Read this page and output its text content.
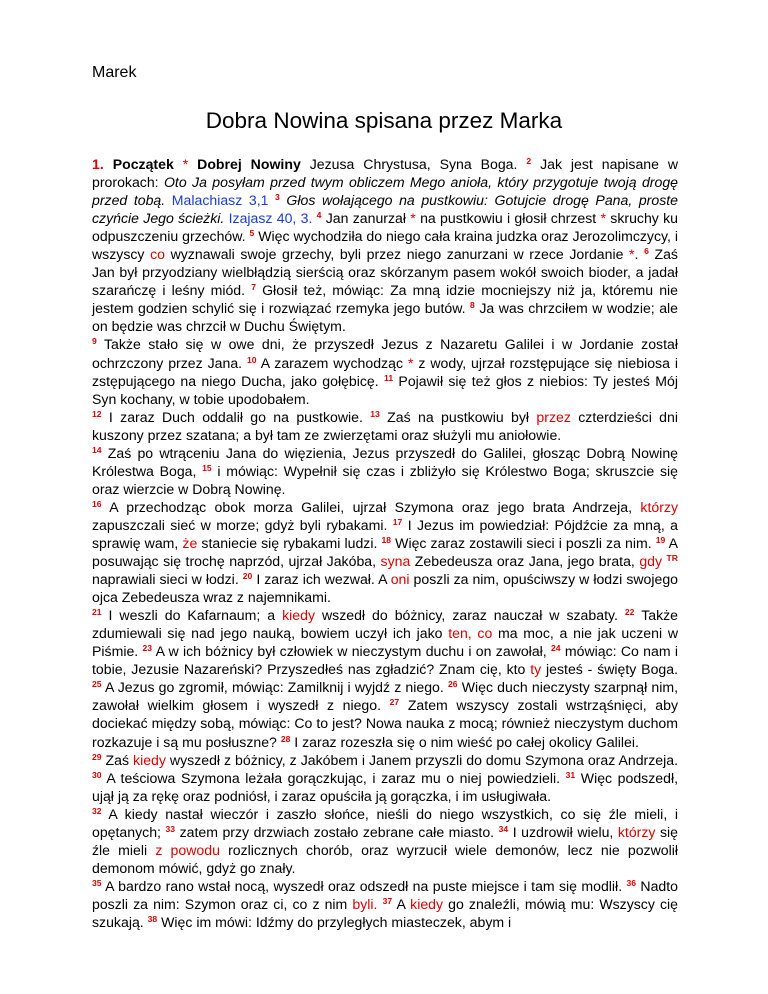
Marek
Dobra Nowina spisana przez Marka

1. Początek * Dobrej Nowiny Jezusa Chrystusa, Syna Boga. $^2$ Jak jest napisane w prorokach: Oto Ja posyłam przed twym obliczem Mego anioła, który przygotuje twoją drogę przed tobą. Malachiasz 3,1 $^3$ Głos wołającego na pustkowiu: Gotujcie drogę Pana, proste czyńcie Jego ścieżki. Izajasz 40, 3. $^4$ Jan zanurzał * na pustkowiu i głosił chrzest * skruchy ku odpuszczeniu grzechów. $^5$ Więc wychodziła do niego cała kraina judzka oraz Jerozolimczycy, i wszyscy co wyznawali swoje grzechy, byli przez niego zanurzani w rzece Jordanie *. $^6$ Zaś Jan był przyodziany wielbłądzią sierścią oraz skórzanym pasem wokół swoich bioder, a jadał szarańczę i leśny miód. $^7$ Głosił też, mówiąc: Za mną idzie mocniejszy niż ja, któremu nie jestem godzien schylić się i rozwiązać rzemyka jego butów. $^8$ Ja was chrzciłem w wodzie; ale on będzie was chrzcił w Duchu Świętym.

$^9$ Także stało się w owe dni, że przyszedł Jezus z Nazaretu Galilei i w Jordanie został ochrzczony przez Jana. $^{10}$ A zarazem wychodząc * z wody, ujrzał rozstępujące się niebiosa i zstępującego na niego Ducha, jako gołębicę. $^{11}$ Pojawił się też głos z niebios: Ty jesteś Mój Syn kochany, w tobie upodobałem.

$^{12}$ I zaraz Duch oddalił go na pustkowie. $^{13}$ Zaś na pustkowiu był przez czterdzieści dni kuszony przez szatana; a był tam ze zwierzętami oraz służyli mu aniołowie.

$^{14}$ Zaś po wtrąceniu Jana do więzienia, Jezus przyszedł do Galilei, głosząc Dobrą Nowinę Królestwa Boga, $^{15}$ i mówiąc: Wypełnił się czas i zbliżyło się Królestwo Boga; skruszcie się oraz wierzcie w Dobrą Nowinę.

$^{16}$ A przechodząc obok morza Galilei, ujrzał Szymona oraz jego brata Andrzeja, którzy zapuszczali sieć w morze; gdyż byli rybakami. $^{17}$ I Jezus im powiedział: Pójdźcie za mną, a sprawię wam, że staniecie się rybakami ludzi. $^{18}$ Więc zaraz zostawili sieci i poszli za nim. $^{19}$ A posuwając się trochę naprzód, ujrzał Jakóba, syna Zebedeusza oraz Jana, jego brata, gdy $^{TR}$ naprawiali sieci w łodzi. $^{20}$ I zaraz ich wezwał. A oni poszli za nim, opuściwszy w łodzi swojego ojca Zebedeusza wraz z najemnikami.

$^{21}$ I weszli do Kafarnaum; a kiedy wszedł do bóżnicy, zaraz nauczał w szabaty. $^{22}$ Także zdumiewali się nad jego nauką, bowiem uczył ich jako ten, co ma moc, a nie jak uczeni w Piśmie. $^{23}$ A w ich bóżnicy był człowiek w nieczystym duchu i on zawołał, $^{24}$ mówiąc: Co nam i tobie, Jezusie Nazareński? Przyszedłeś nas zgładzić? Znam cię, kto ty jesteś - święty Boga. $^{25}$ A Jezus go zgromił, mówiąc: Zamilknij i wyjdź z niego. $^{26}$ Więc duch nieczysty szarpnął nim, zawołał wielkim głosem i wyszedł z niego. $^{27}$ Zatem wszyscy zostali wstrząśnięci, aby dociekać między sobą, mówiąc: Co to jest? Nowa nauka z mocą; również nieczystym duchom rozkazuje i są mu posłuszne? $^{28}$ I zaraz rozeszła się o nim wieść po całej okolicy Galilei.

$^{29}$ Zaś kiedy wyszedł z bóżnicy, z Jakóbem i Janem przyszli do domu Szymona oraz Andrzeja. $^{30}$ A teściowa Szymona leżała gorączkując, i zaraz mu o niej powiedzieli. $^{31}$ Więc podszedł, ujął ją za rękę oraz podniósł, i zaraz opuściła ją gorączka, i im usługiwała.

$^{32}$ A kiedy nastał wieczór i zaszło słońce, nieśli do niego wszystkich, co się źle mieli, i opętanych; $^{33}$ zatem przy drzwiach zostało zebrane całe miasto. $^{34}$ I uzdrowił wielu, którzy się źle mieli z powodu rozlicznych chorób, oraz wyrzucił wiele demonów, lecz nie pozwolił demonom mówić, gdyż go znały.

$^{35}$ A bardzo rano wstał nocą, wyszedł oraz odszedł na puste miejsce i tam się modlił. $^{36}$ Nadto poszli za nim: Szymon oraz ci, co z nim byli. $^{37}$ A kiedy go znaleźli, mówią mu: Wszyscy cię szukają. $^{38}$ Więc im mówi: Idźmy do przyległych miasteczek, abym i
